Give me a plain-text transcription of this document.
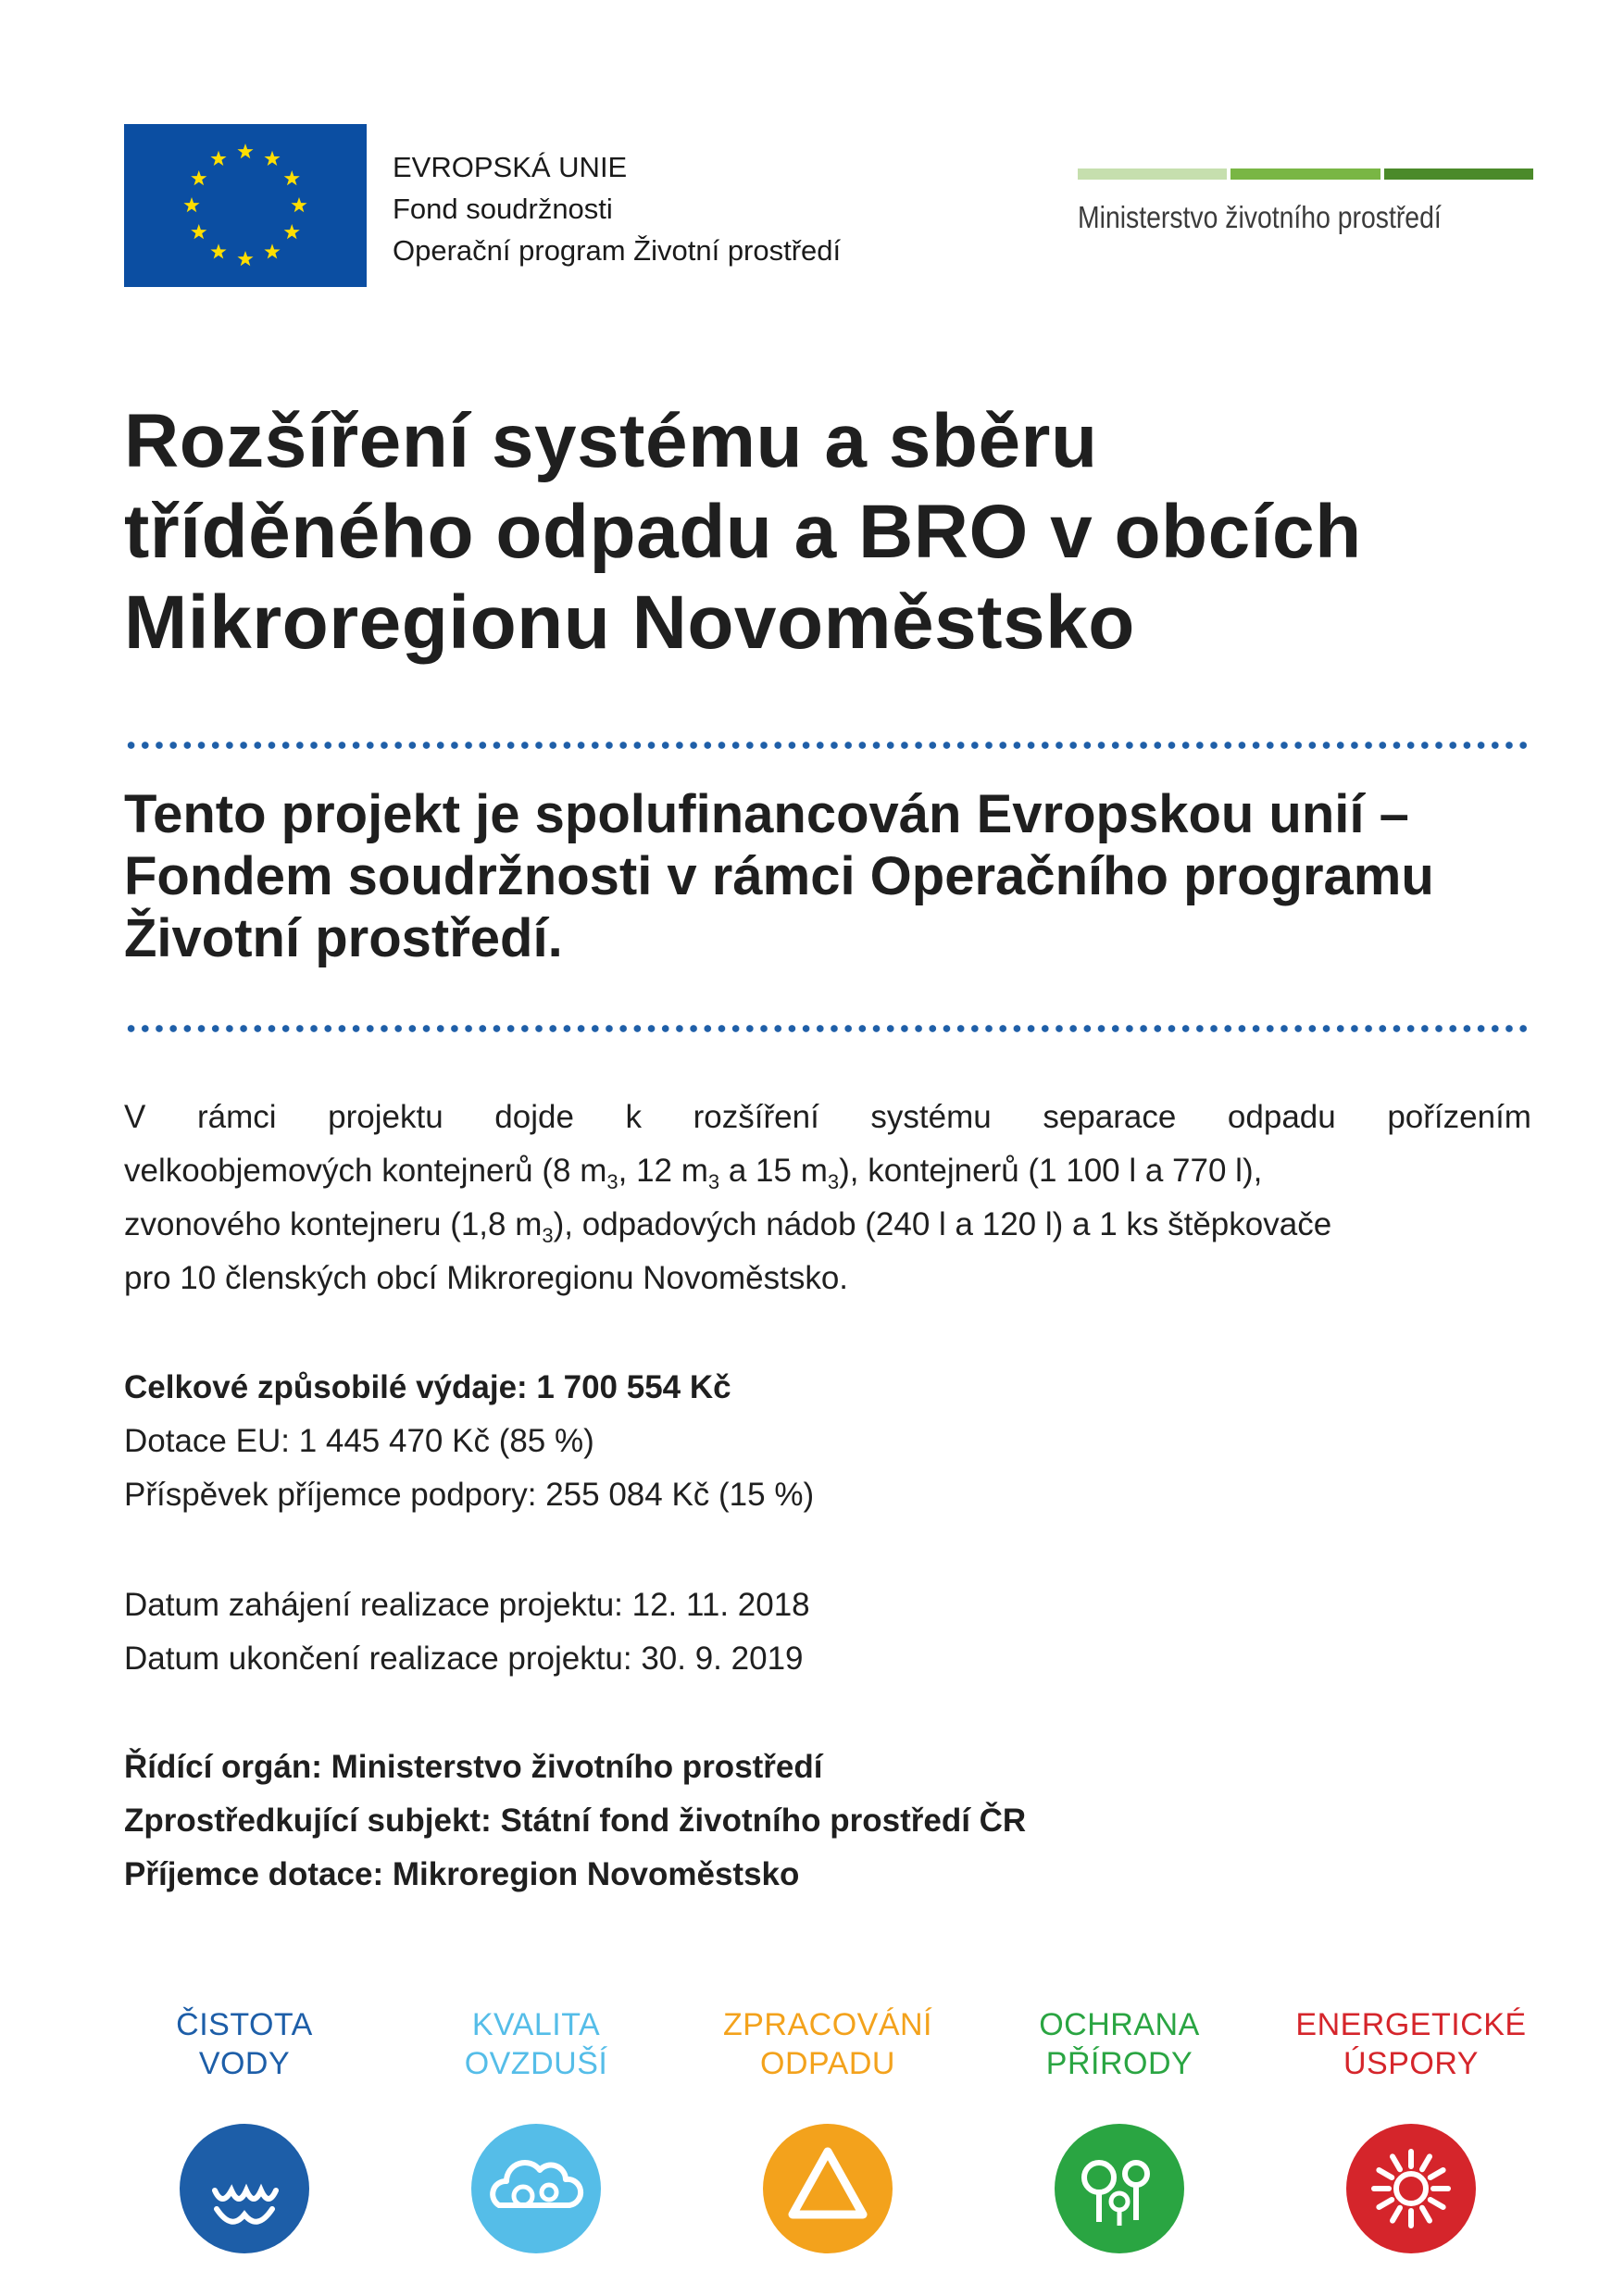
EVROPSKÁ UNIE
Fond soudržnosti
Operační program Životní prostředí
Ministerstvo životního prostředí
Rozšíření systému a sběru
tříděného odpadu a BRO v obcích
Mikroregionu Novoměstsko
Tento projekt je spolufinancován Evropskou unií –
Fondem soudržnosti v rámci Operačního programu
Životní prostředí.
V rámci projektu dojde k rozšíření systému separace odpadu pořízením
velkoobjemových kontejnerů (8 $m_3$, 12 $m_3$ a 15 $m_3$), kontejnerů (1 100 l a 770 l),
zvonového kontejneru (1,8 $m_3$), odpadových nádob (240 l a 120 l) a 1 ks štěpkovače
pro 10 členských obcí Mikroregionu Novoměstsko.
Celkové způsobilé výdaje: 1 700 554 Kč
Dotace EU: 1 445 470 Kč (85 %)
Příspěvek příjemce podpory: 255 084 Kč (15 %)
Datum zahájení realizace projektu: 12. 11. 2018
Datum ukončení realizace projektu: 30. 9. 2019
Řídící orgán: Ministerstvo životního prostředí
Zprostředkující subjekt: Státní fond životního prostředí ČR
Příjemce dotace: Mikroregion Novoměstsko
ČISTOTA
VODY
KVALITA
OVZDUŠÍ
ZPRACOVÁNÍ
ODPADU
OCHRANA
PŘÍRODY
ENERGETICKÉ
ÚSPORY
